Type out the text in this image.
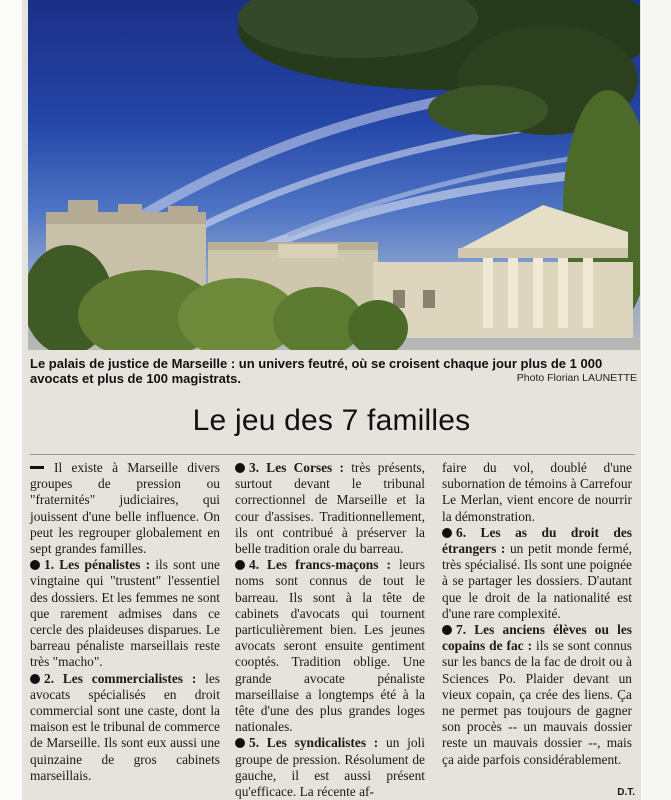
Le palais de justice de Marseille : un univers feutré, où se croisent chaque jour plus de 1 000 avocats et plus de 100 magistrats.	Photo Florian LAUNETTE
Le jeu des 7 familles

Il existe à Marseille divers groupes de pression ou "fraternités" judiciaires, qui jouissent d'une belle influence. On peut les regrouper globalement en sept grandes familles.

1. Les pénalistes : ils sont une vingtaine qui "trustent" l'essentiel des dossiers. Et les femmes ne sont que rarement admises dans ce cercle des plaideuses disparues. Le barreau pénaliste marseillais reste très "macho".

2. Les commercialistes : les avocats spécialisés en droit commercial sont une caste, dont la maison est le tribunal de commerce de Marseille. Ils sont eux aussi une quinzaine de gros cabinets marseillais.

3. Les Corses : très présents, surtout devant le tribunal correctionnel de Marseille et la cour d'assises. Traditionnellement, ils ont contribué à préserver la belle tradition orale du barreau.

4. Les francs-maçons : leurs noms sont connus de tout le barreau. Ils sont à la tête de cabinets d'avocats qui tournent particulièrement bien. Les jeunes avocats seront ensuite gentiment cooptés. Tradition oblige. Une grande avocate pénaliste marseillaise a longtemps été à la tête d'une des plus grandes loges nationales.

5. Les syndicalistes : un joli groupe de pression. Résolument de gauche, il est aussi présent qu'efficace. La récente af-

faire du vol, doublé d'une subornation de témoins à Carrefour Le Merlan, vient encore de nourrir la démonstration.

6. Les as du droit des étrangers : un petit monde fermé, très spécialisé. Ils sont une poignée à se partager les dossiers. D'autant que le droit de la nationalité est d'une rare complexité.

7. Les anciens élèves ou les copains de fac : ils se sont connus sur les bancs de la fac de droit ou à Sciences Po. Plaider devant un vieux copain, ça crée des liens. Ça ne permet pas toujours de gagner son procès -- un mauvais dossier reste un mauvais dossier --, mais ça aide parfois considérablement.

D.T.
